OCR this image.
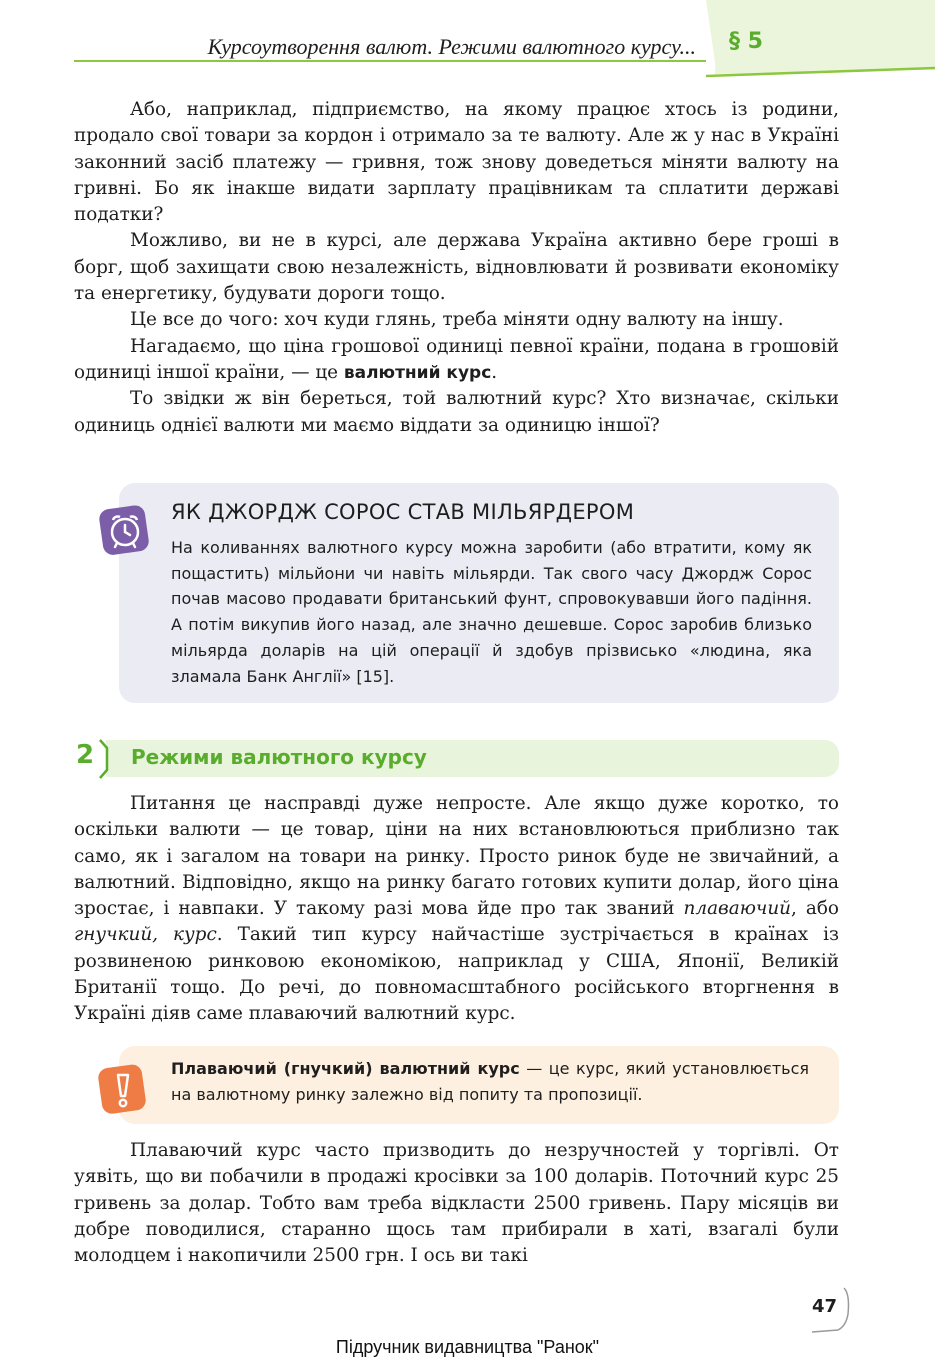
Курсоутворення валют. Режими валютного курсу... § 5

Або, наприклад, підприємство, на якому працює хтось із родини, продало свої товари за кордон і отримало за те валюту. Але ж у нас в Україні законний засіб платежу — гривня, тож знову доведеться міняти валюту на гривні. Бо як інакше видати зарплату працівникам та сплатити державі податки?

Можливо, ви не в курсі, але держава Україна активно бере гроші в борг, щоб захищати свою незалежність, відновлювати й розвивати економіку та енергетику, будувати дороги тощо.

Це все до чого: хоч куди глянь, треба міняти одну валюту на іншу.

Нагадаємо, що ціна грошової одиниці певної країни, подана в грошовій одиниці іншої країни, — це валютний курс.

То звідки ж він береться, той валютний курс? Хто визначає, скільки одиниць однієї валюти ми маємо віддати за одиницю іншої?

ЯК ДЖОРДЖ СОРОС СТАВ МІЛЬЯРДЕРОМ

На коливаннях валютного курсу можна заробити (або втратити, кому як пощастить) мільйони чи навіть мільярди. Так свого часу Джордж Сорос почав масово продавати британський фунт, спровокувавши його падіння. А потім викупив його назад, але значно дешевше. Сорос заробив близько мільярда доларів на цій операції й здобув прізвисько «людина, яка зламала Банк Англії» [15].

2 Режими валютного курсу

Питання це насправді дуже непросте. Але якщо дуже коротко, то оскільки валюти — це товар, ціни на них встановлюються приблизно так само, як і загалом на товари на ринку. Просто ринок буде не звичайний, а валютний. Відповідно, якщо на ринку багато готових купити долар, його ціна зростає, і навпаки. У такому разі мова йде про так званий плаваючий, або гнучкий, курс. Такий тип курсу найчастіше зустрічається в країнах із розвиненою ринковою економікою, наприклад у США, Японії, Великій Британії тощо. До речі, до повномасштабного російського вторгнення в Україні діяв саме плаваючий валютний курс.

Плаваючий (гнучкий) валютний курс — це курс, який установлюється на валютному ринку залежно від попиту та пропозиції.

Плаваючий курс часто призводить до незручностей у торгівлі. От уявіть, що ви побачили в продажі кросівки за 100 доларів. Поточний курс 25 гривень за долар. Тобто вам треба відкласти 2500 гривень. Пару місяців ви добре поводилися, старанно щось там прибирали в хаті, взагалі були молодцем і накопичили 2500 грн. І ось ви такі

47
Підручник видавництва "Ранок"
